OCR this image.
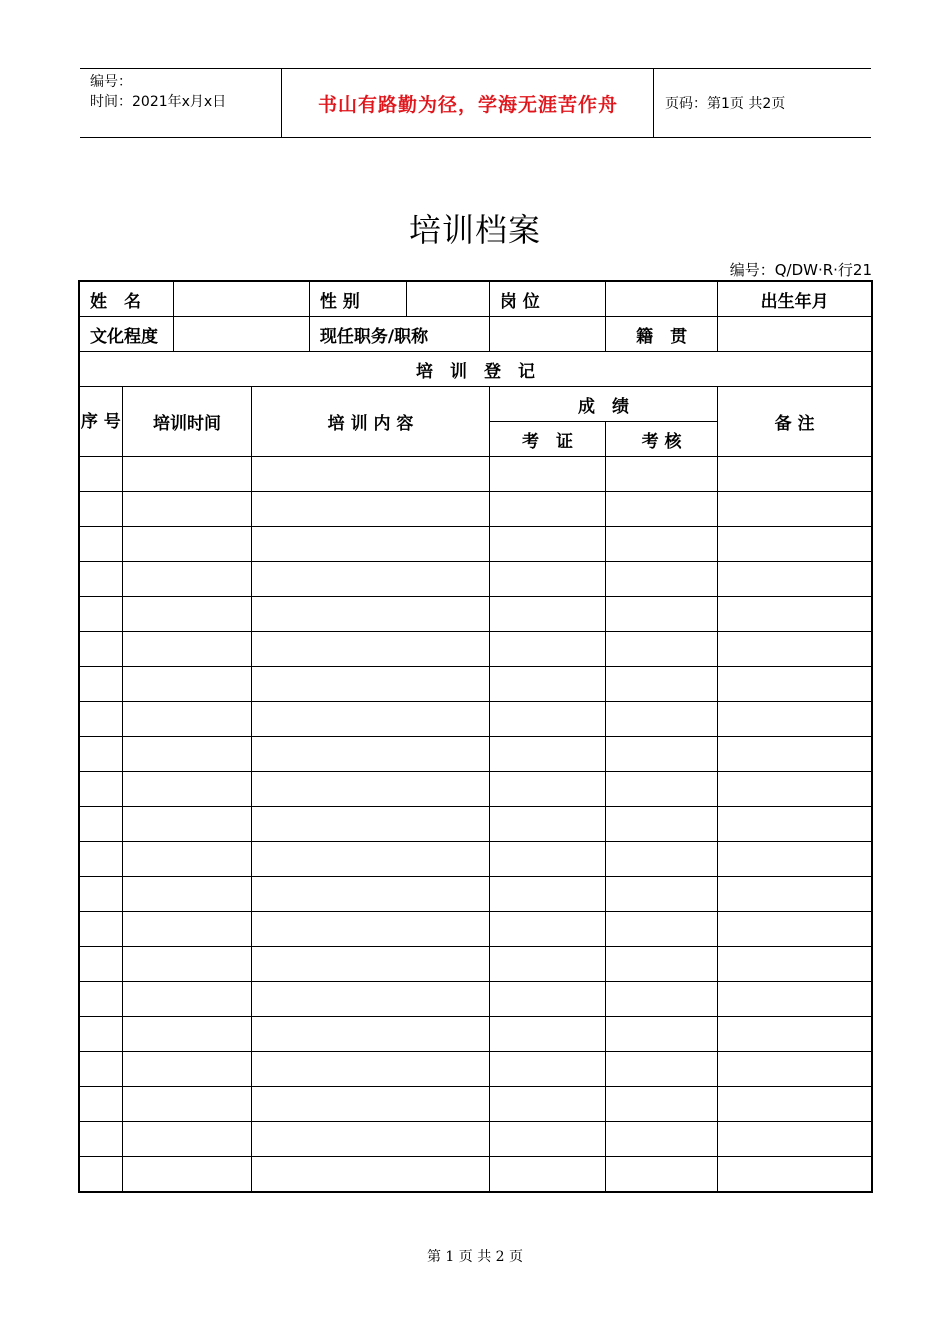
编号：
时间：2021年x月x日	书山有路勤为径，学海无涯苦作舟	页码：第1页 共2页
培训档案
编号：Q/DW·R·行21
姓　名				性 别		岗 位		出生年月
文化程度				现任职务/职称			籍　贯	
培　训　登　记								
序 号	培训时间		培 训 内 容			成　绩		备 注
						考　证	考 核	

第 1 页 共 2 页
